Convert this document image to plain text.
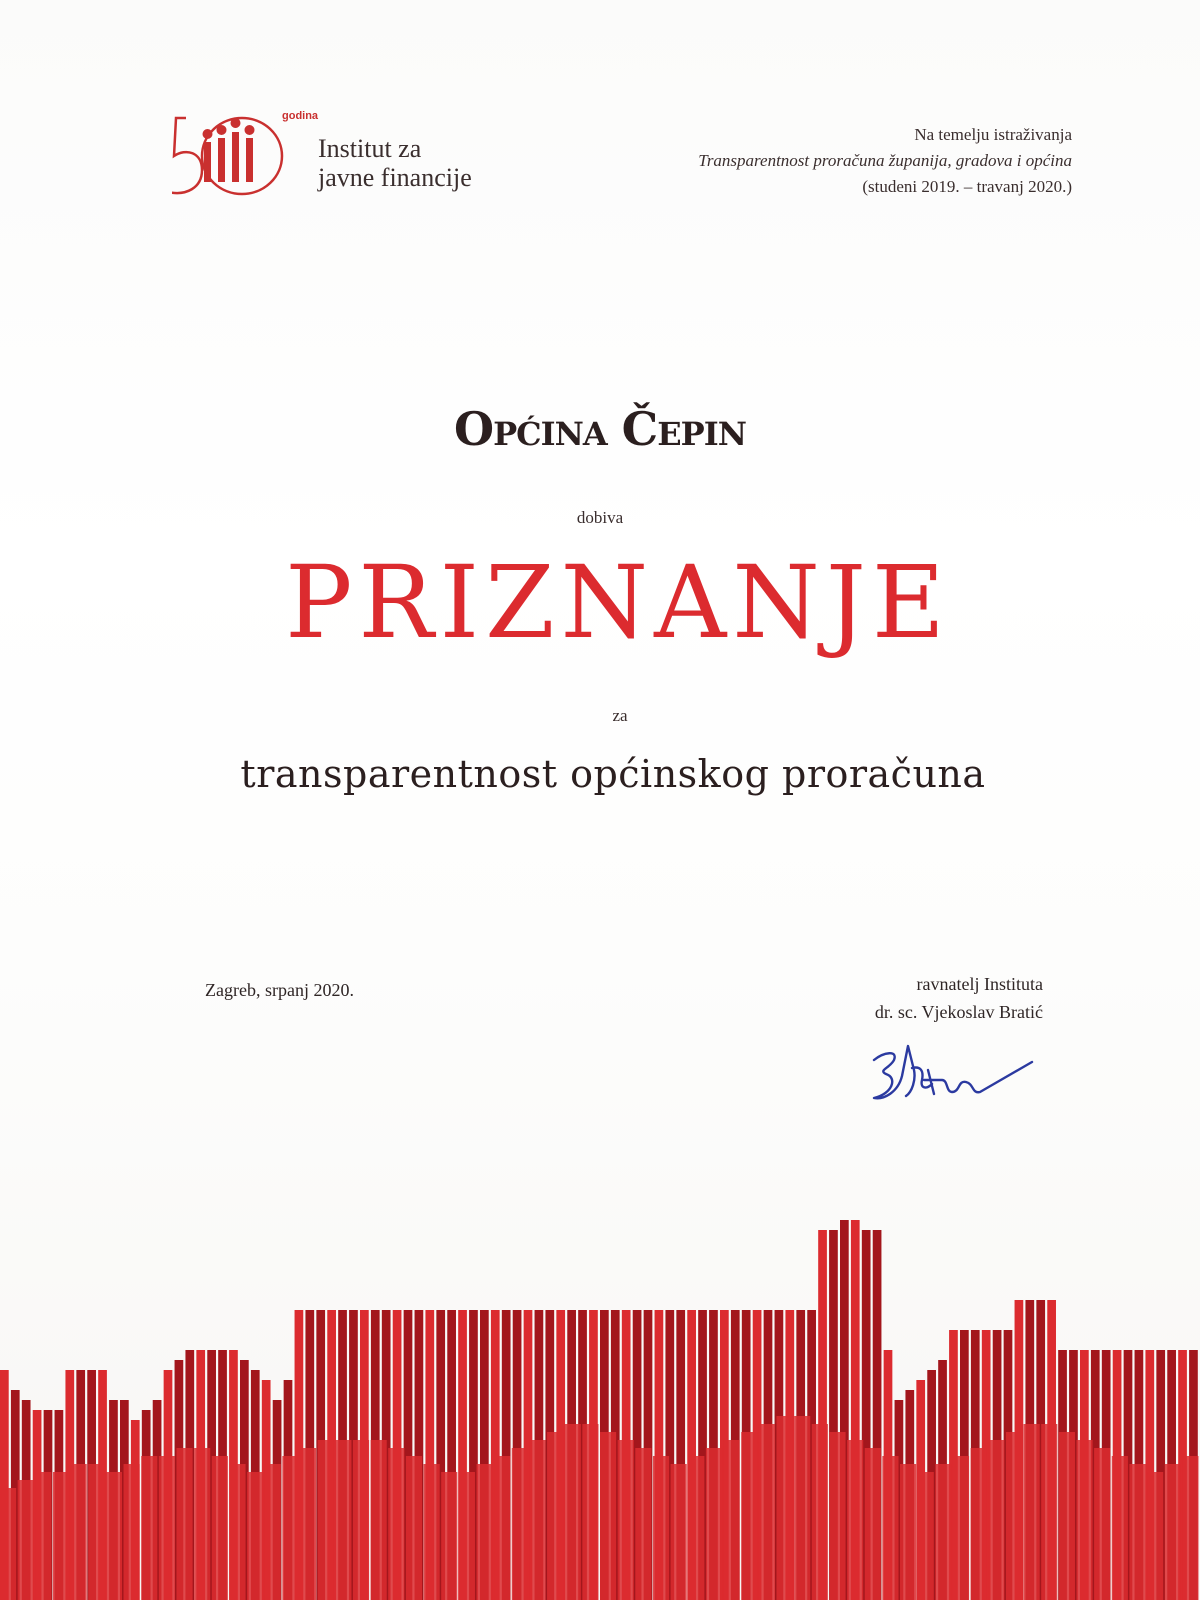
godina
Institut za
javne financije
Na temelju istraživanja
Transparentnost proračuna županija, gradova i općina
(studeni 2019. – travanj 2020.)
Općina Čepin
dobiva
PRIZNANJE
za
transparentnost općinskog proračuna
Zagreb, srpanj 2020.	ravnatelj Instituta
dr. sc. Vjekoslav Bratić
